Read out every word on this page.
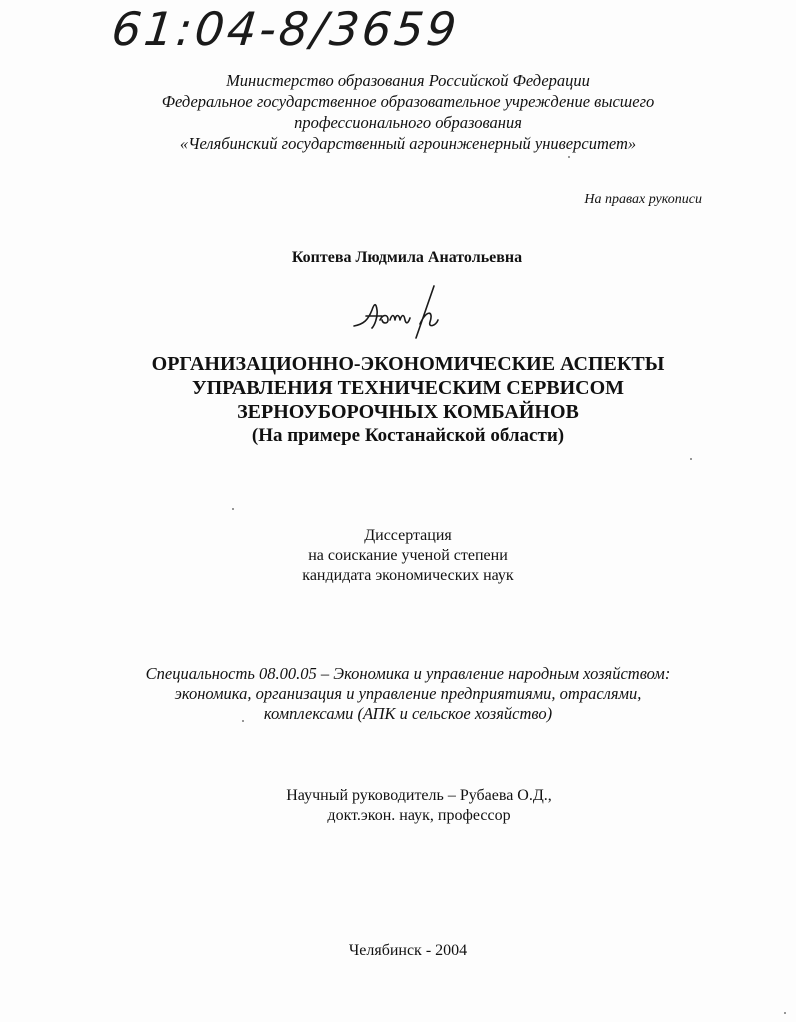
61:04-8/3659
Министерство образования Российской Федерации
Федеральное государственное образовательное учреждение высшего
профессионального образования
«Челябинский государственный агроинженерный университет»
На правах рукописи
Коптева Людмила Анатольевна
ОРГАНИЗАЦИОННО-ЭКОНОМИЧЕСКИЕ АСПЕКТЫ
УПРАВЛЕНИЯ ТЕХНИЧЕСКИМ СЕРВИСОМ
ЗЕРНОУБОРОЧНЫХ КОМБАЙНОВ
(На примере Костанайской области)
Диссертация
на соискание ученой степени
кандидата экономических наук
Специальность 08.00.05 – Экономика и управление народным хозяйством:
экономика, организация и управление предприятиями, отраслями,
комплексами (АПК и сельское хозяйство)
Научный руководитель – Рубаева О.Д.,
докт.экон. наук, профессор
Челябинск - 2004
